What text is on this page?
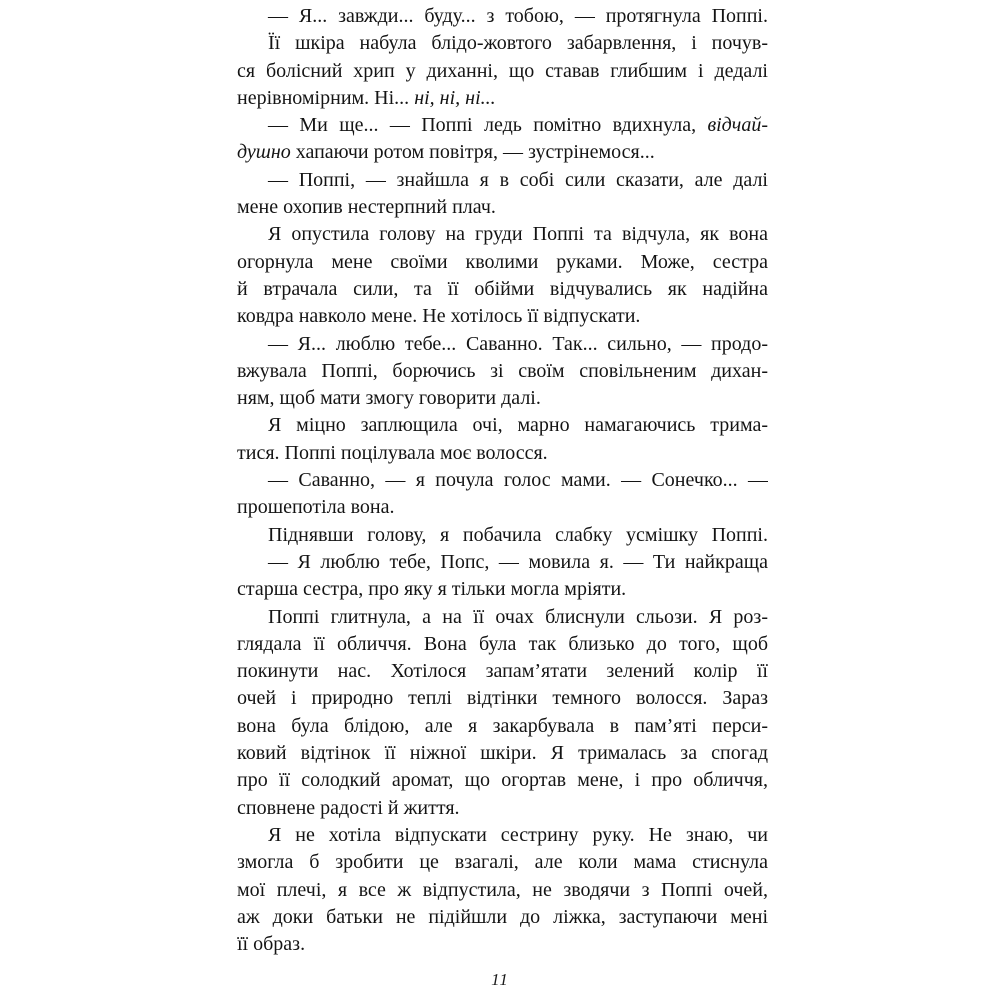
— Я... завжди... буду... з тобою, — протягнула Поппі.
Її шкіра набула блідо-жовтого забарвлення, і почув-
ся болісний хрип у диханні, що ставав глибшим і дедалі
нерівномірним. Ні... ні, ні, ні...
— Ми ще... — Поппі ледь помітно вдихнула, відчай-
душно хапаючи ротом повітря, — зустрінемося...
— Поппі, — знайшла я в собі сили сказати, але далі
мене охопив нестерпний плач.
Я опустила голову на груди Поппі та відчула, як вона
огорнула мене своїми кволими руками. Може, сестра
й втрачала сили, та її обійми відчувались як надійна
ковдра навколо мене. Не хотілось її відпускати.
— Я... люблю тебе... Саванно. Так... сильно, — продо-
вжувала Поппі, борючись зі своїм сповільненим дихан-
ням, щоб мати змогу говорити далі.
Я міцно заплющила очі, марно намагаючись трима-
тися. Поппі поцілувала моє волосся.
— Саванно, — я почула голос мами. — Сонечко... —
прошепотіла вона.
Піднявши голову, я побачила слабку усмішку Поппі.
— Я люблю тебе, Попс, — мовила я. — Ти найкраща
старша сестра, про яку я тільки могла мріяти.
Поппі глитнула, а на її очах блиснули сльози. Я роз-
глядала її обличчя. Вона була так близько до того, щоб
покинути нас. Хотілося запам’ятати зелений колір її
очей і природно теплі відтінки темного волосся. Зараз
вона була блідою, але я закарбувала в пам’яті перси-
ковий відтінок її ніжної шкіри. Я трималась за спогад
про її солодкий аромат, що огортав мене, і про обличчя,
сповнене радості й життя.
Я не хотіла відпускати сестрину руку. Не знаю, чи
змогла б зробити це взагалі, але коли мама стиснула
мої плечі, я все ж відпустила, не зводячи з Поппі очей,
аж доки батьки не підійшли до ліжка, заступаючи мені
її образ.
11
